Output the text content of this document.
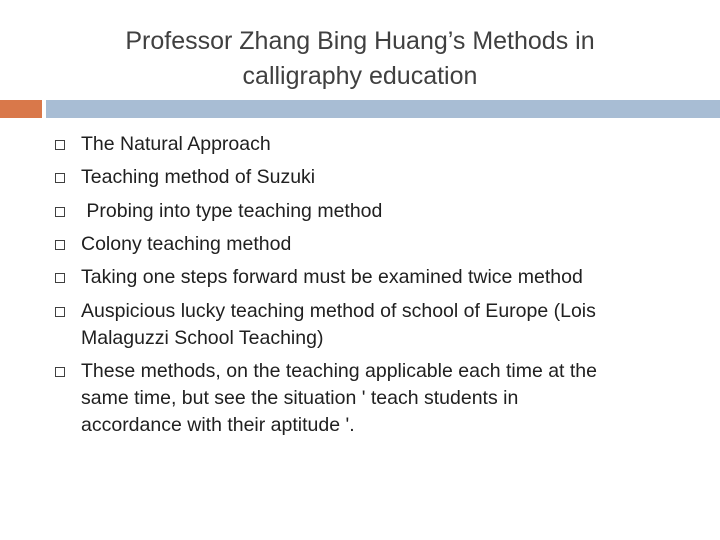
Professor Zhang Bing Huang’s Methods in
calligraphy education
The Natural Approach
Teaching method of Suzuki
Probing into type teaching method
Colony teaching method
Taking one steps forward must be examined twice method
Auspicious lucky teaching method of school of Europe (Lois
Malaguzzi School Teaching)
These methods, on the teaching applicable each time at the
same time, but see the situation ' teach students in
accordance with their aptitude '.
